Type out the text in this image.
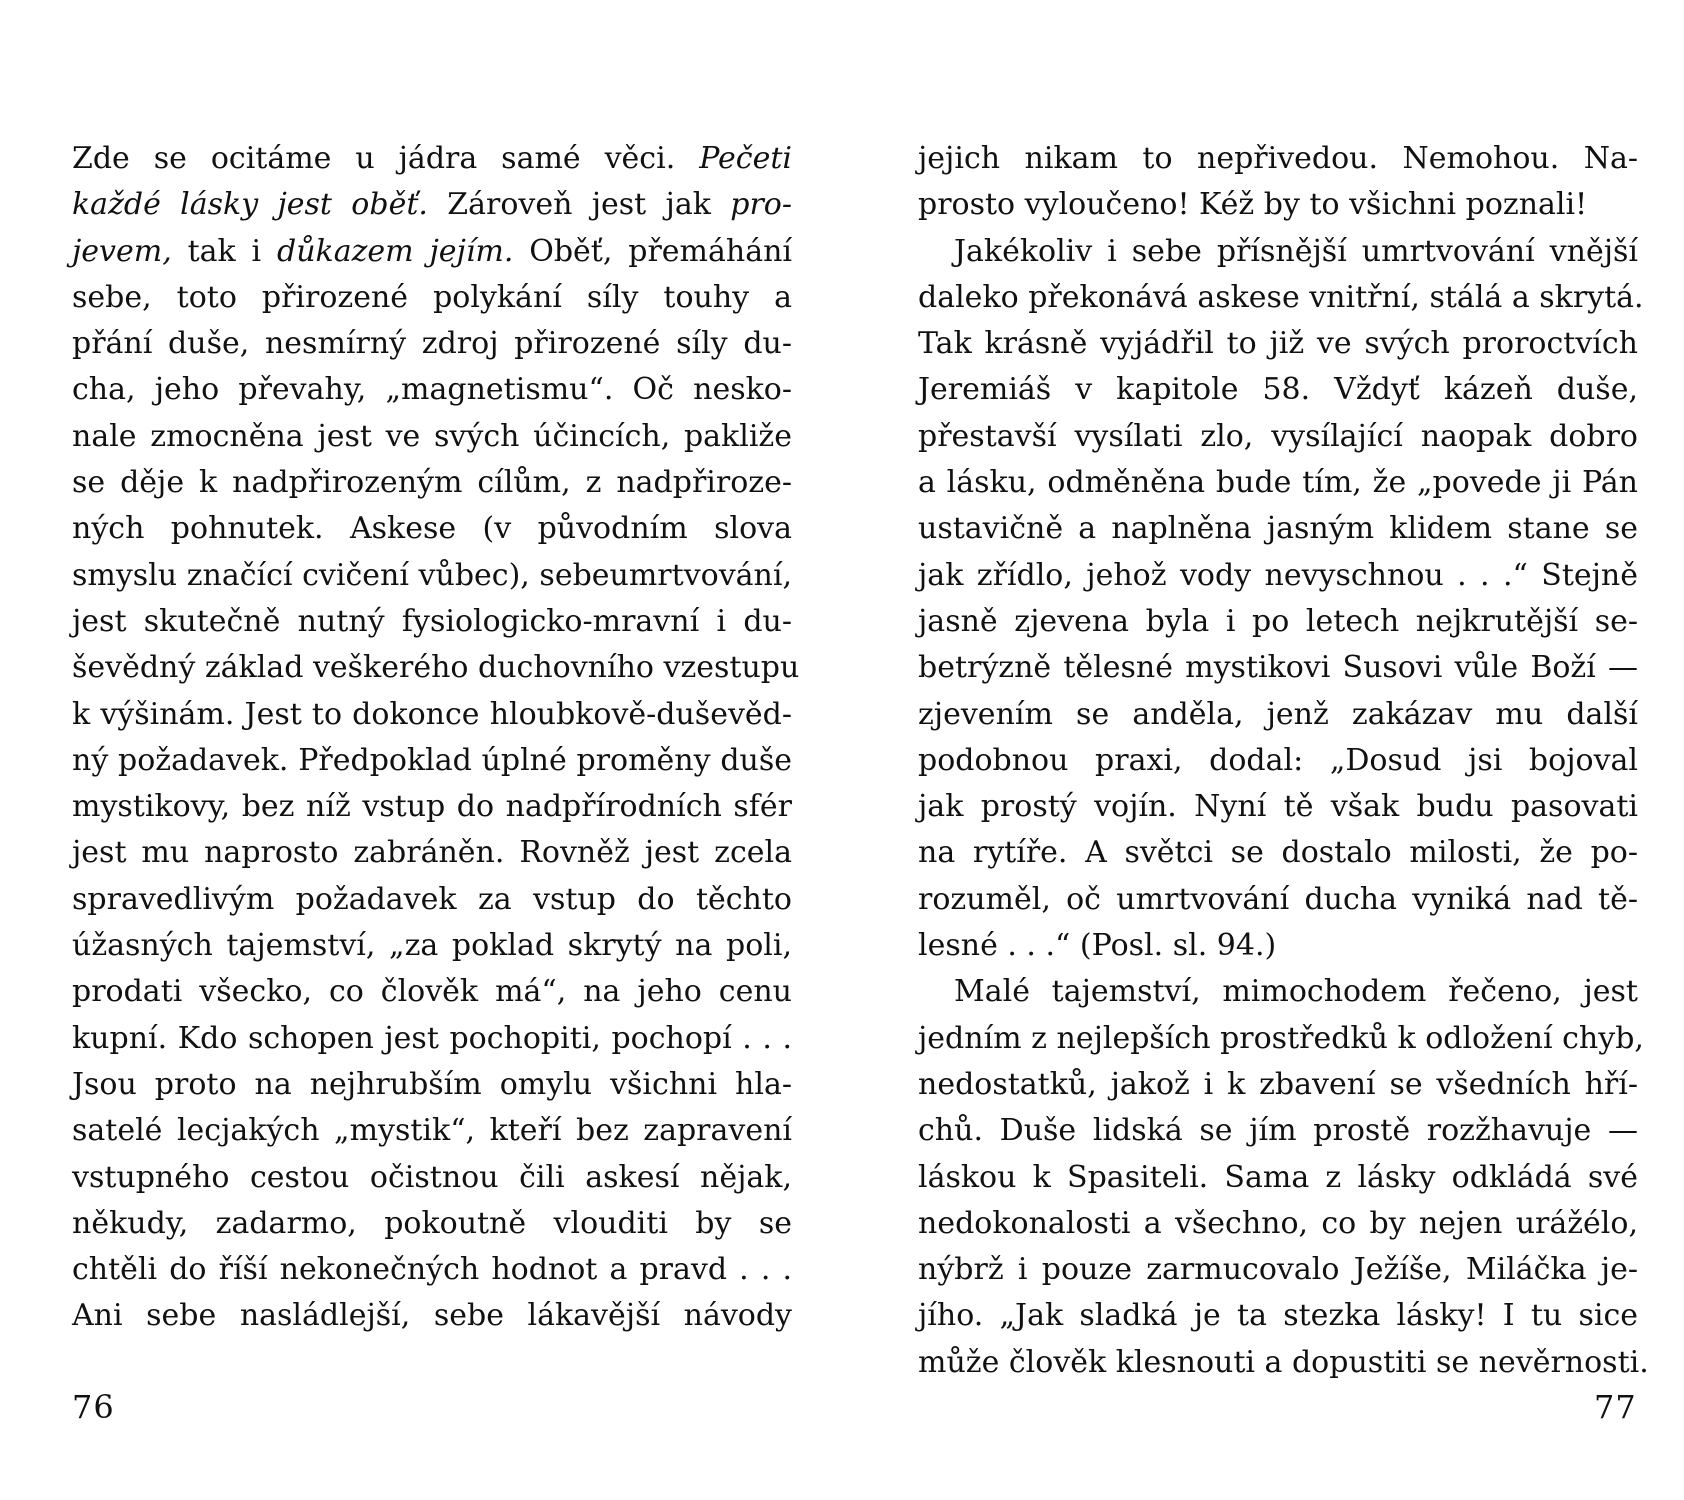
Zde se ocitáme u jádra samé věci. Pečeti
každé lásky jest oběť. Zároveň jest jak pro-
jevem, tak i důkazem jejím. Oběť, přemáhání
sebe, toto přirozené polykání síly touhy a
přání duše, nesmírný zdroj přirozené síly du-
cha, jeho převahy, „magnetismu“. Oč nesko-
nale zmocněna jest ve svých účincích, pakliže
se děje k nadpřirozeným cílům, z nadpřiroze-
ných pohnutek. Askese (v původním slova
smyslu značící cvičení vůbec), sebeumrtvování,
jest skutečně nutný fysiologicko-mravní i du-
ševědný základ veškerého duchovního vzestupu
k výšinám. Jest to dokonce hloubkově-duševěd-
ný požadavek. Předpoklad úplné proměny duše
mystikovy, bez níž vstup do nadpřírodních sfér
jest mu naprosto zabráněn. Rovněž jest zcela
spravedlivým požadavek za vstup do těchto
úžasných tajemství, „za poklad skrytý na poli,
prodati všecko, co člověk má“, na jeho cenu
kupní. Kdo schopen jest pochopiti, pochopí . . .
Jsou proto na nejhrubším omylu všichni hla-
satelé lecjakých „mystik“, kteří bez zapravení
vstupného cestou očistnou čili askesí nějak,
někudy, zadarmo, pokoutně vlouditi by se
chtěli do říší nekonečných hodnot a pravd . . .
Ani sebe nasládlejší, sebe lákavější návody
jejich nikam to nepřivedou. Nemohou. Na-
prosto vyloučeno! Kéž by to všichni poznali!
Jakékoliv i sebe přísnější umrtvování vnější
daleko překonává askese vnitřní, stálá a skrytá.
Tak krásně vyjádřil to již ve svých proroctvích
Jeremiáš v kapitole 58. Vždyť kázeň duše,
přestavší vysílati zlo, vysílající naopak dobro
a lásku, odměněna bude tím, že „povede ji Pán
ustavičně a naplněna jasným klidem stane se
jak zřídlo, jehož vody nevyschnou . . .“ Stejně
jasně zjevena byla i po letech nejkrutější se-
betrýzně tělesné mystikovi Susovi vůle Boží —
zjevením se anděla, jenž zakázav mu další
podobnou praxi, dodal: „Dosud jsi bojoval
jak prostý vojín. Nyní tě však budu pasovati
na rytíře. A světci se dostalo milosti, že po-
rozuměl, oč umrtvování ducha vyniká nad tě-
lesné . . .“ (Posl. sl. 94.)
Malé tajemství, mimochodem řečeno, jest
jedním z nejlepších prostředků k odložení chyb,
nedostatků, jakož i k zbavení se všedních hří-
chů. Duše lidská se jím prostě rozžhavuje —
láskou k Spasiteli. Sama z lásky odkládá své
nedokonalosti a všechno, co by nejen urážélo,
nýbrž i pouze zarmucovalo Ježíše, Miláčka je-
jího. „Jak sladká je ta stezka lásky! I tu sice
může člověk klesnouti a dopustiti se nevěrnosti.
76	77
